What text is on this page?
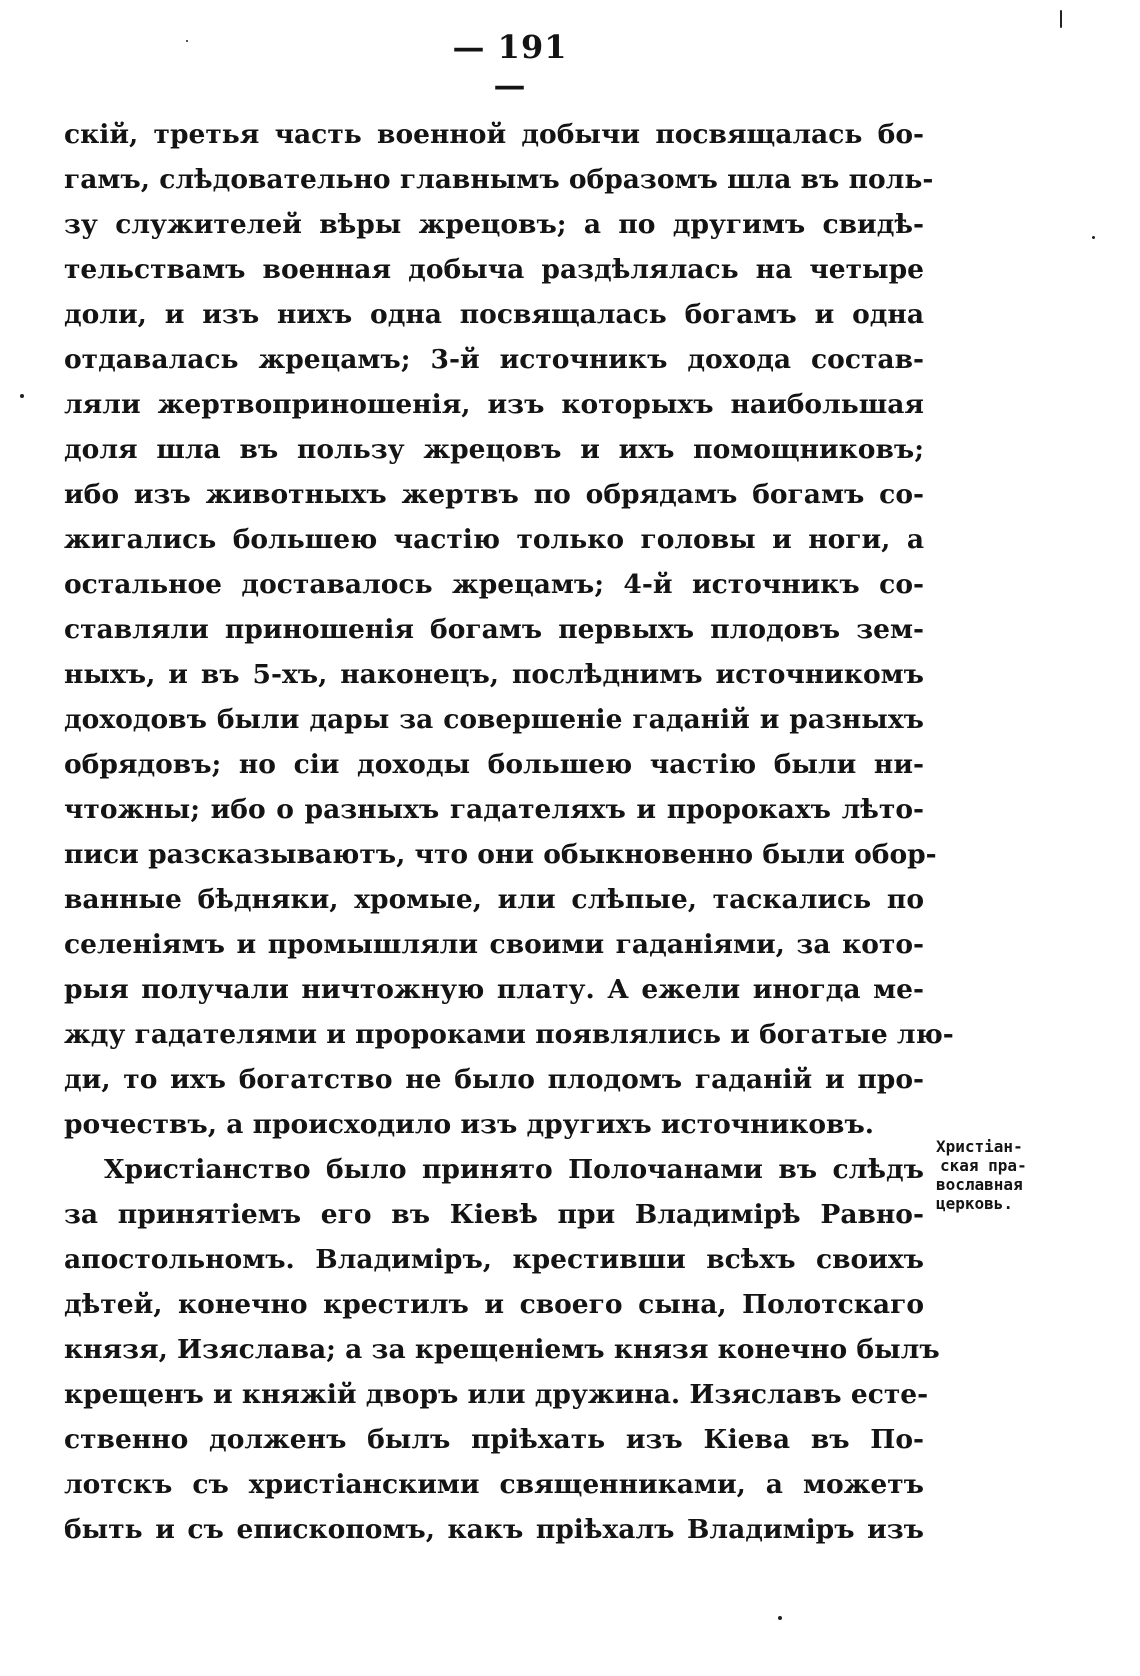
— 191 —
скій, третья часть военной добычи посвящалась бо-
гамъ, слѣдовательно главнымъ образомъ шла въ поль-
зу служителей вѣры жрецовъ; а по другимъ свидѣ-
тельствамъ военная добыча раздѣлялась на четыре
доли, и изъ нихъ одна посвящалась богамъ и одна
отдавалась жрецамъ; 3-й источникъ дохода состав-
ляли жертвоприношенія, изъ которыхъ наибольшая
доля шла въ пользу жрецовъ и ихъ помощниковъ;
ибо изъ животныхъ жертвъ по обрядамъ богамъ со-
жигались большею частію только головы и ноги, а
остальное доставалось жрецамъ; 4-й источникъ со-
ставляли приношенія богамъ первыхъ плодовъ зем-
ныхъ, и въ 5-хъ, наконецъ, послѣднимъ источникомъ
доходовъ были дары за совершеніе гаданій и разныхъ
обрядовъ; но сіи доходы большею частію были ни-
чтожны; ибо о разныхъ гадателяхъ и пророкахъ лѣто-
писи разсказываютъ, что они обыкновенно были обор-
ванные бѣдняки, хромые, или слѣпые, таскались по
селеніямъ и промышляли своими гаданіями, за кото-
рыя получали ничтожную плату. А ежели иногда ме-
жду гадателями и пророками появлялись и богатые лю-
ди, то ихъ богатство не было плодомъ гаданій и про-
рочествъ, а происходило изъ другихъ источниковъ.
Христіанство было принято Полочанами въ слѣдъ
за принятіемъ его въ Кіевѣ при Владимірѣ Равно-
апостольномъ. Владиміръ, крестивши всѣхъ своихъ
дѣтей, конечно крестилъ и своего сына, Полотскаго
князя, Изяслава; а за крещеніемъ князя конечно былъ
крещенъ и княжій дворъ или дружина. Изяславъ есте-
ственно долженъ былъ пріѣхать изъ Кіева въ По-
лотскъ съ христіанскими священниками, а можетъ
быть и съ епископомъ, какъ пріѣхалъ Владиміръ изъ
Христіан-
ская пра-
вославная
церковь.
